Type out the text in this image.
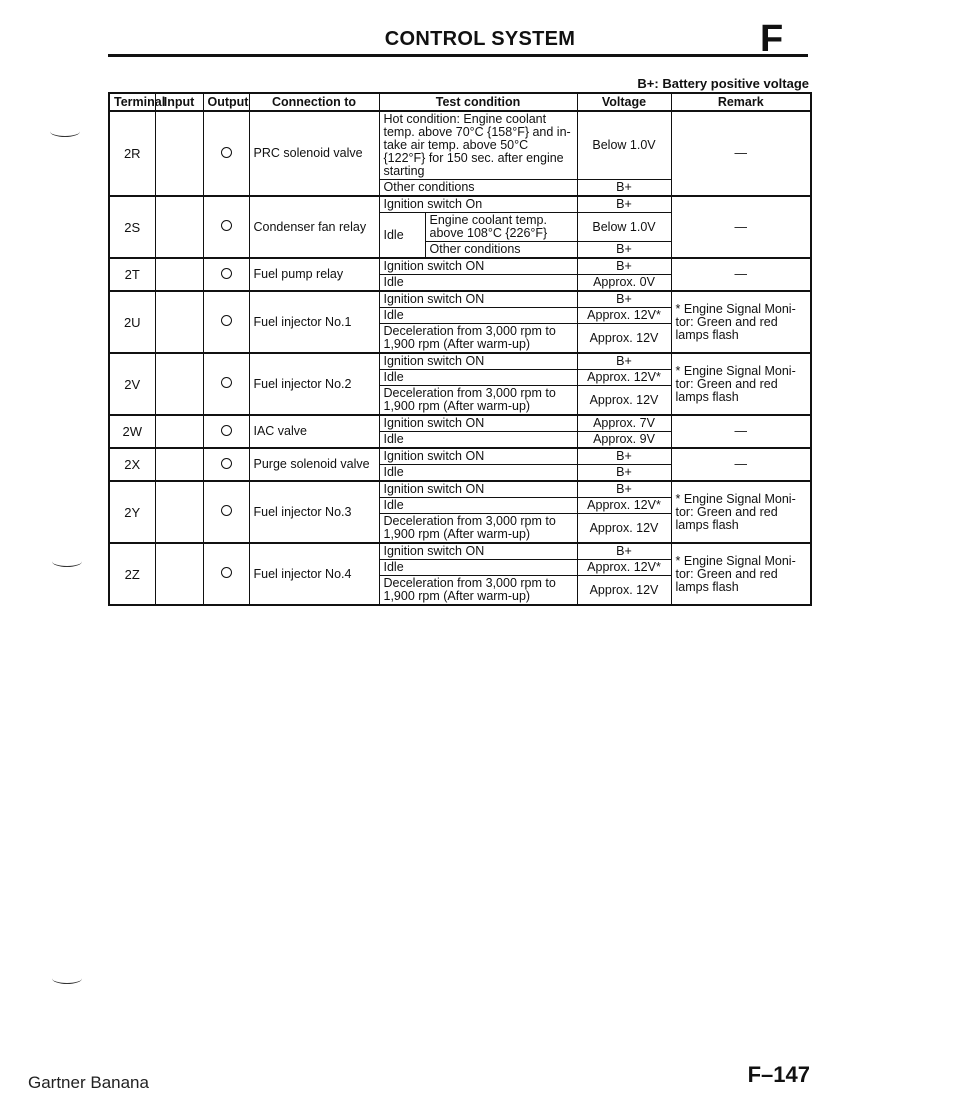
CONTROL SYSTEM	F
B+: Battery positive voltage
Terminal	Input	Output	Connection to	Test condition		Voltage	Remark
2R			PRC solenoid valve	Hot condition: Engine coolant temp. above 70°C {158°F} and in- take air temp. above 50°C {122°F} for 150 sec. after engine starting		Below 1.0V	—
				Other conditions		B+	
2S			Condenser fan relay	Ignition switch On		B+	—
				Idle	Engine coolant temp. above 108°C {226°F}	Below 1.0V	
					Other conditions	B+	
2T			Fuel pump relay	Ignition switch ON		B+	—
				Idle		Approx. 0V	
2U			Fuel injector No.1	Ignition switch ON		B+	* Engine Signal Moni- tor: Green and red lamps flash
				Idle		Approx. 12V*	
				Deceleration from 3,000 rpm to 1,900 rpm (After warm-up)		Approx. 12V	
2V			Fuel injector No.2	Ignition switch ON		B+	* Engine Signal Moni- tor: Green and red lamps flash
				Idle		Approx. 12V*	
				Deceleration from 3,000 rpm to 1,900 rpm (After warm-up)		Approx. 12V	
2W			IAC valve	Ignition switch ON		Approx. 7V	—
				Idle		Approx. 9V	
2X			Purge solenoid valve	Ignition switch ON		B+	—
				Idle		B+	
2Y			Fuel injector No.3	Ignition switch ON		B+	* Engine Signal Moni- tor: Green and red lamps flash
				Idle		Approx. 12V*	
				Deceleration from 3,000 rpm to 1,900 rpm (After warm-up)		Approx. 12V	
2Z			Fuel injector No.4	Ignition switch ON		B+	* Engine Signal Moni- tor: Green and red lamps flash
				Idle		Approx. 12V*	
				Deceleration from 3,000 rpm to 1,900 rpm (After warm-up)		Approx. 12V	
Gartner Banana	F–147
